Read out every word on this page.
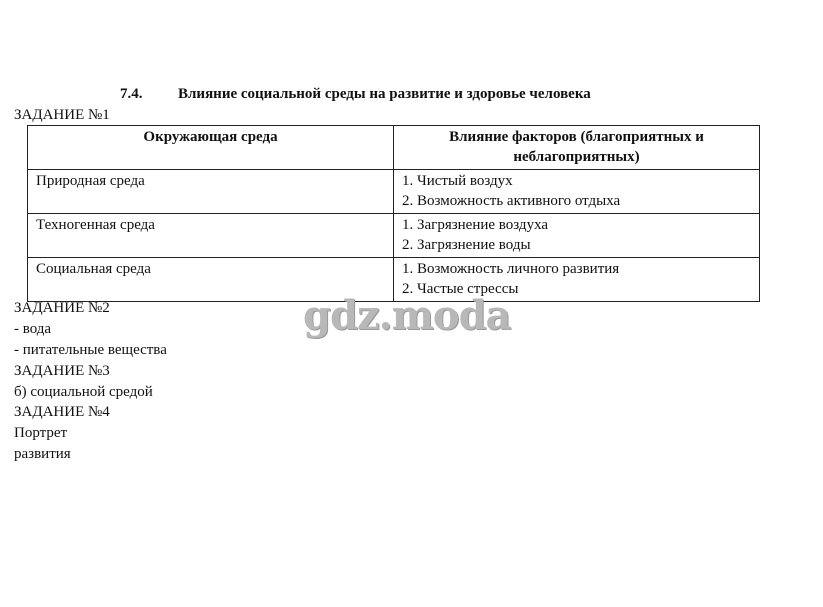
7.4. Влияние социальной среды на развитие и здоровье человека
ЗАДАНИЕ №1
Окружающая среда	Влияние факторов (благоприятных и неблагоприятных)
Природная среда	1. Чистый воздух
2. Возможность активного отдыха

Техногенная среда	1. Загрязнение воздуха
2. Загрязнение воды

Социальная среда	1. Возможность личного развития
2. Частые стрессы
ЗАДАНИЕ №2
- вода
- питательные вещества
ЗАДАНИЕ №3
б) социальной средой
ЗАДАНИЕ №4
Портрет
развития
gdz.moda
